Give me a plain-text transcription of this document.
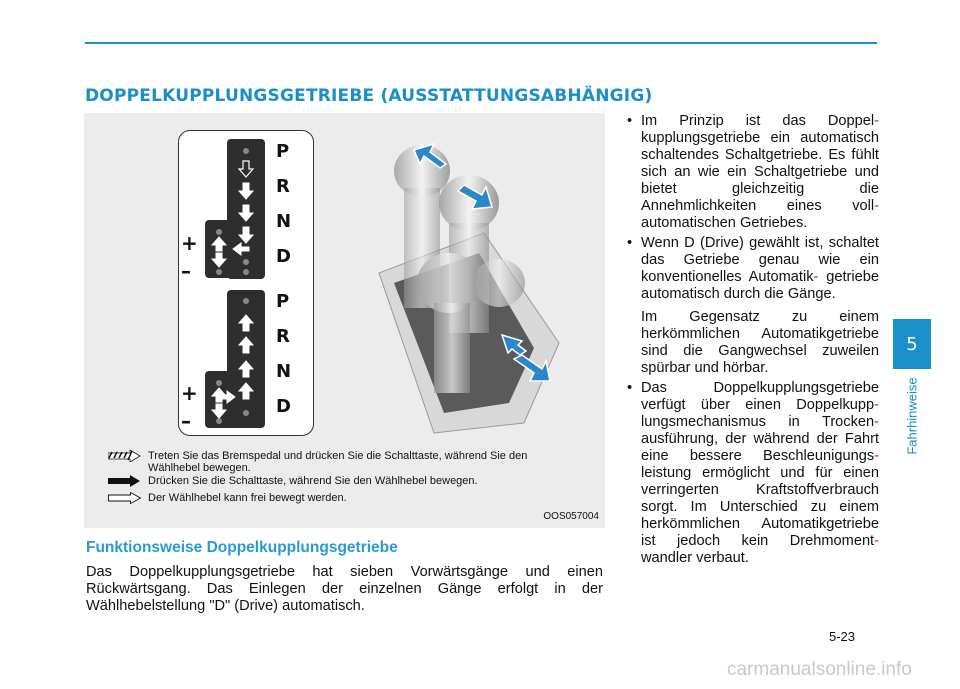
DOPPELKUPPLUNGSGETRIEBE (AUSSTATTUNGSABHÄNGIG)
P
R
N
D
P
R
N
D
+
–
+
–
Treten Sie das Bremspedal und drücken Sie die Schalttaste, während Sie den
Wählhebel bewegen.
Drücken Sie die Schalttaste, während Sie den Wählhebel bewegen.
Der Wählhebel kann frei bewegt werden.
OOS057004
Funktionsweise Doppelkupplungsgetriebe
Das Doppelkupplungsgetriebe hat sieben Vorwärtsgänge und einen Rückwärtsgang. Das Einlegen der einzelnen Gänge erfolgt in der Wählhebelstellung "D" (Drive) automatisch.
• Im Prinzip ist das Doppel- kupplungsgetriebe ein automatisch schaltendes Schaltgetriebe. Es fühlt sich an wie ein Schaltgetriebe und bietet gleichzeitig die Annehmlichkeiten eines voll- automatischen Getriebes.
• Wenn D (Drive) gewählt ist, schaltet das Getriebe genau wie ein konventionelles Automatik- getriebe automatisch durch die Gänge.
Im Gegensatz zu einem herkömmlichen Automatikgetriebe sind die Gangwechsel zuweilen spürbar und hörbar.
• Das Doppelkupplungsgetriebe verfügt über einen Doppelkupp- lungsmechanismus in Trocken- ausführung, der während der Fahrt eine bessere Beschleunigungs- leistung ermöglicht und für einen verringerten Kraftstoffverbrauch sorgt. Im Unterschied zu einem herkömmlichen Automatikgetriebe ist jedoch kein Drehmoment- wandler verbaut.
5
Fahrhinweise
5-23
carmanualsonline.info
